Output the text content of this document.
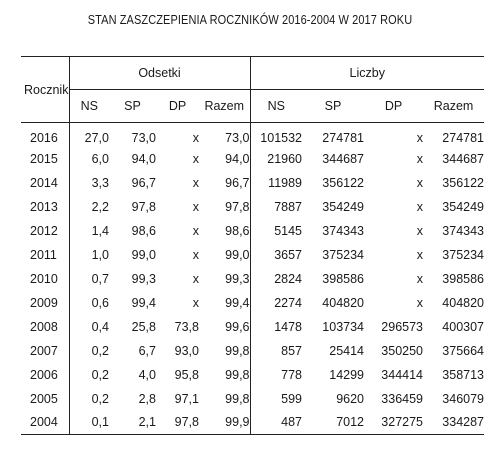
STAN ZASZCZEPIENIA ROCZNIKÓW 2016-2004 W 2017 ROKU
Rocznik	Odsetki				Liczby			
	NS	SP	DP	Razem	NS	SP	DP	Razem
2016	27,0	73,0	x	73,0	101532	274781	x	274781
2015	6,0	94,0	x	94,0	21960	344687	x	344687
2014	3,3	96,7	x	96,7	11989	356122	x	356122
2013	2,2	97,8	x	97,8	7887	354249	x	354249
2012	1,4	98,6	x	98,6	5145	374343	x	374343
2011	1,0	99,0	x	99,0	3657	375234	x	375234
2010	0,7	99,3	x	99,3	2824	398586	x	398586
2009	0,6	99,4	x	99,4	2274	404820	x	404820
2008	0,4	25,8	73,8	99,6	1478	103734	296573	400307
2007	0,2	6,7	93,0	99,8	857	25414	350250	375664
2006	0,2	4,0	95,8	99,8	778	14299	344414	358713
2005	0,2	2,8	97,1	99,8	599	9620	336459	346079
2004	0,1	2,1	97,8	99,9	487	7012	327275	334287
